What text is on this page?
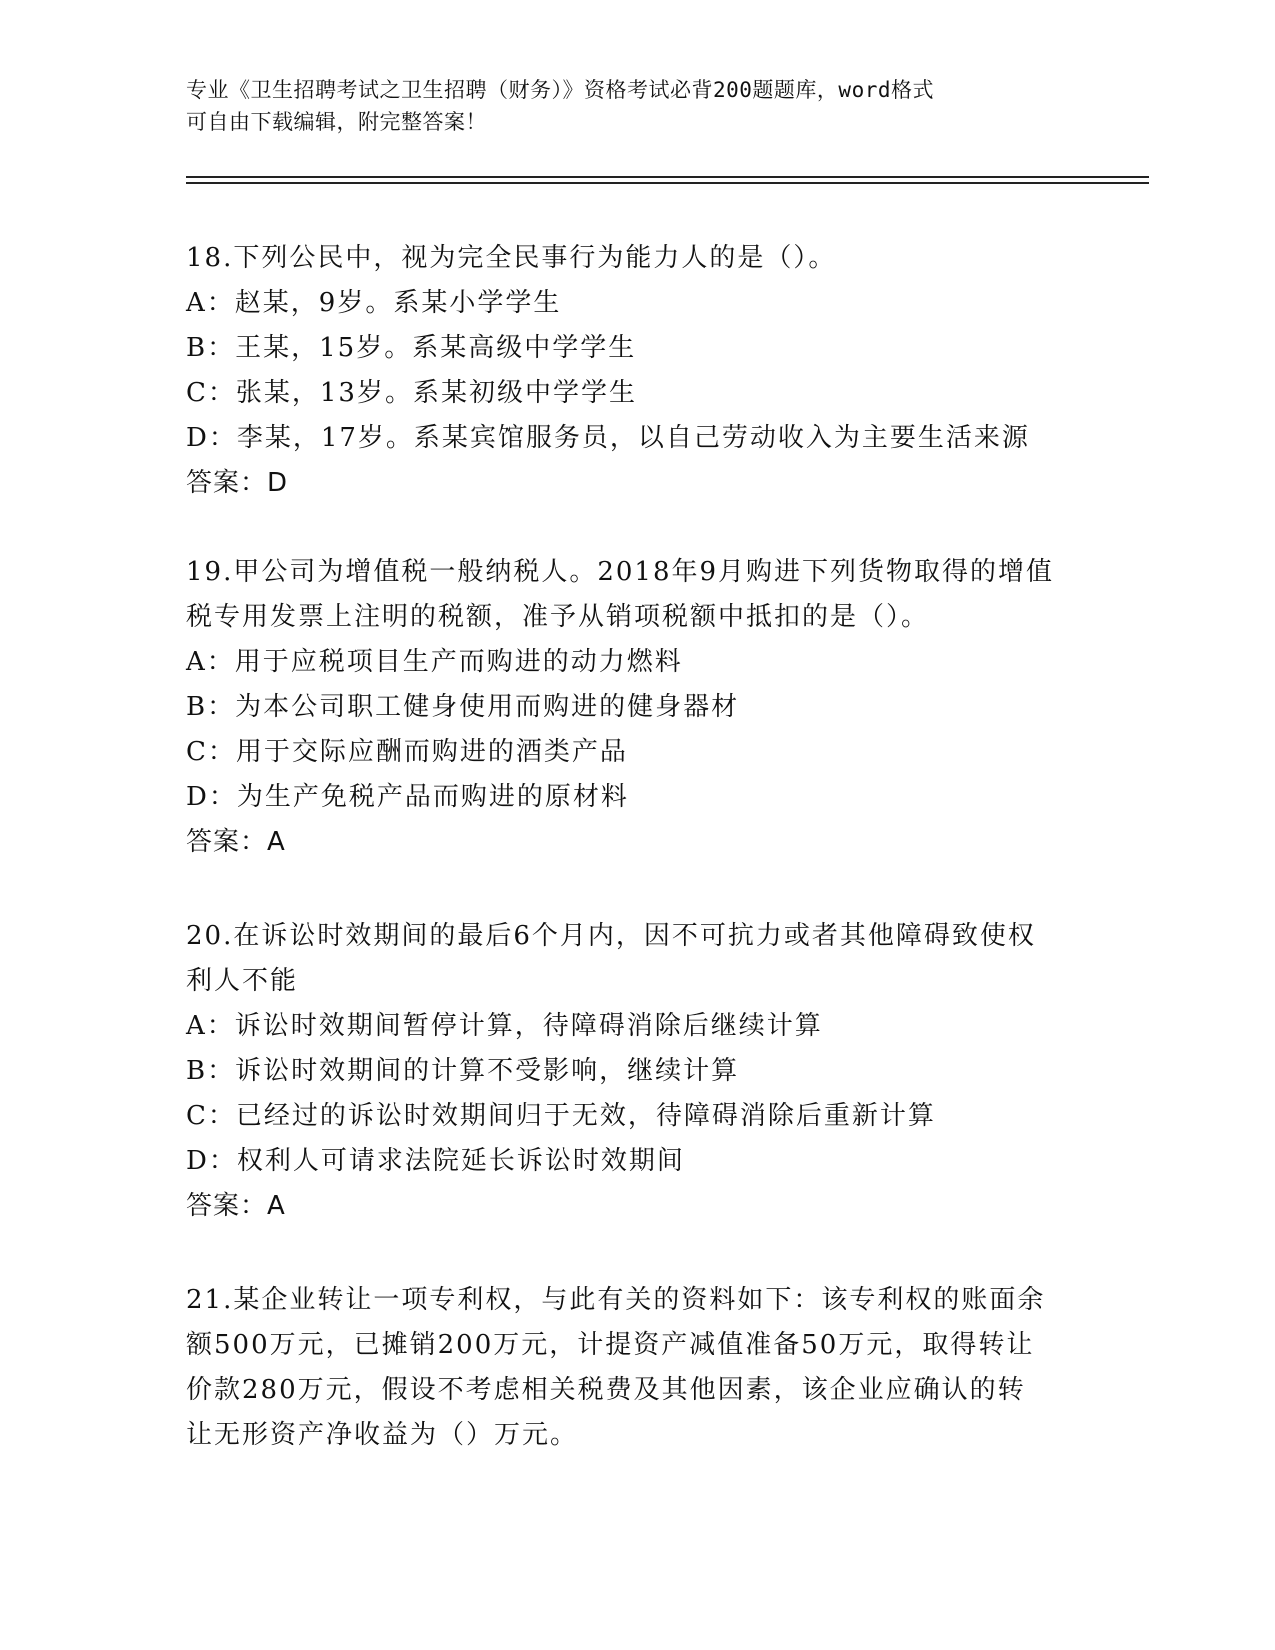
专业《卫生招聘考试之卫生招聘（财务）》资格考试必背200题题库，word格式
可自由下载编辑，附完整答案！
18.下列公民中，视为完全民事行为能力人的是（）。
A：赵某，9岁。系某小学学生
B：王某，15岁。系某高级中学学生
C：张某，13岁。系某初级中学学生
D：李某，17岁。系某宾馆服务员，以自己劳动收入为主要生活来源
答案：D
19.甲公司为增值税一般纳税人。2018年9月购进下列货物取得的增值
税专用发票上注明的税额，准予从销项税额中抵扣的是（）。
A：用于应税项目生产而购进的动力燃料
B：为本公司职工健身使用而购进的健身器材
C：用于交际应酬而购进的酒类产品
D：为生产免税产品而购进的原材料
答案：A
20.在诉讼时效期间的最后6个月内，因不可抗力或者其他障碍致使权
利人不能
A：诉讼时效期间暂停计算，待障碍消除后继续计算
B：诉讼时效期间的计算不受影响，继续计算
C：已经过的诉讼时效期间归于无效，待障碍消除后重新计算
D：权利人可请求法院延长诉讼时效期间
答案：A
21.某企业转让一项专利权，与此有关的资料如下：该专利权的账面余
额500万元，已摊销200万元，计提资产减值准备50万元，取得转让
价款280万元，假设不考虑相关税费及其他因素，该企业应确认的转
让无形资产净收益为（）万元。
